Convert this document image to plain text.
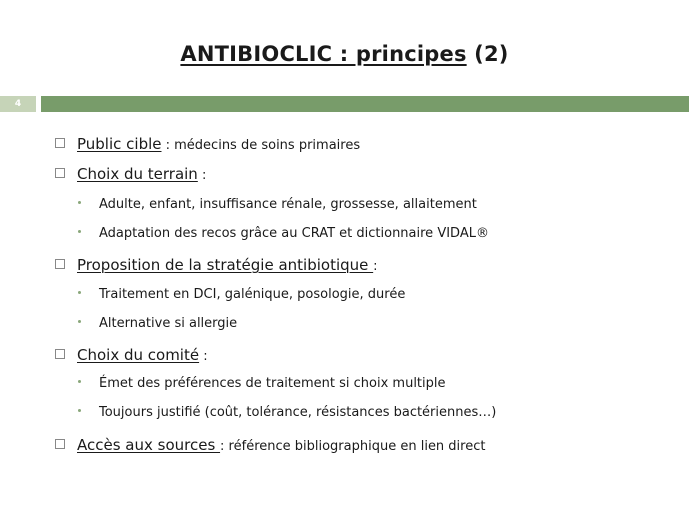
ANTIBIOCLIC : principes (2)
4
Public cible : médecins de soins primaires
Choix du terrain :
Adulte, enfant, insuffisance rénale, grossesse, allaitement
Adaptation des recos grâce au CRAT et dictionnaire VIDAL®
Proposition de la stratégie antibiotique :
Traitement en DCI, galénique, posologie, durée
Alternative si allergie
Choix du comité :
Émet des préférences de traitement si choix multiple
Toujours justifié (coût, tolérance, résistances bactériennes…)
Accès aux sources : référence bibliographique en lien direct
